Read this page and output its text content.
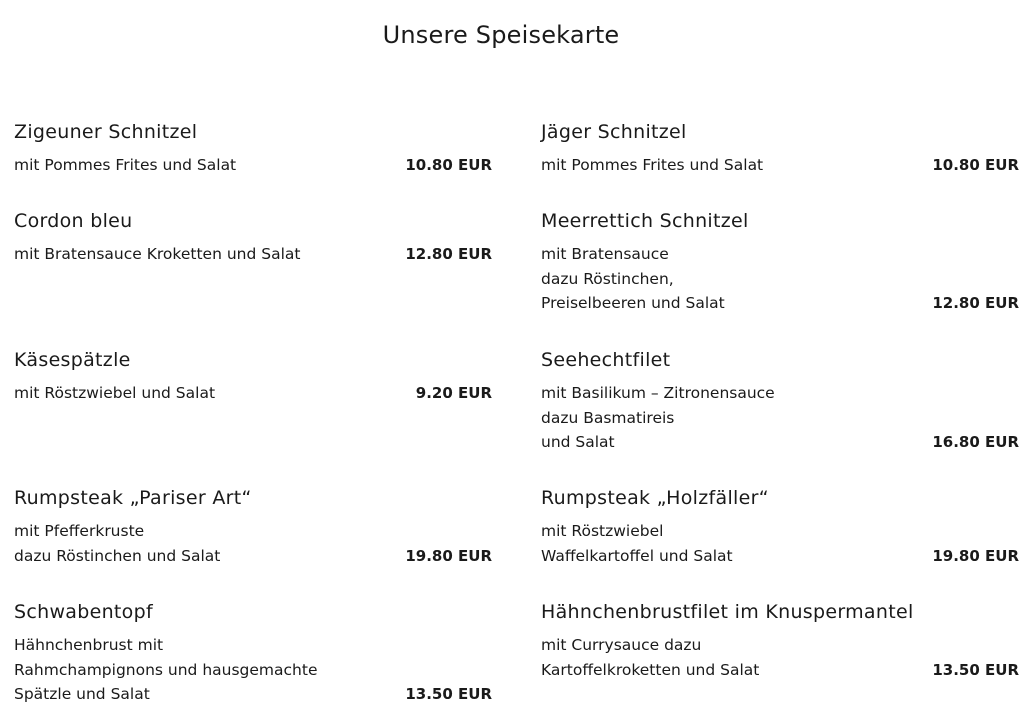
Unsere Speisekarte
Zigeuner Schnitzel
mit Pommes Frites und Salat	10.80 EUR
Cordon bleu
mit Bratensauce Kroketten und Salat	12.80 EUR
Käsespätzle
mit Röstzwiebel und Salat	9.20 EUR
Rumpsteak „Pariser Art“
mit Pfefferkruste
dazu Röstinchen und Salat	19.80 EUR
Schwabentopf
Hähnchenbrust mit
Rahmchampignons und hausgemachte
Spätzle und Salat	13.50 EUR
Jäger Schnitzel
mit Pommes Frites und Salat	10.80 EUR
Meerrettich Schnitzel
mit Bratensauce
dazu Röstinchen,
Preiselbeeren und Salat	12.80 EUR
Seehechtfilet
mit Basilikum – Zitronensauce
dazu Basmatireis
und Salat	16.80 EUR
Rumpsteak „Holzfäller“
mit Röstzwiebel
Waffelkartoffel und Salat	19.80 EUR
Hähnchenbrustfilet im Knuspermantel
mit Currysauce dazu
Kartoffelkroketten und Salat	13.50 EUR
